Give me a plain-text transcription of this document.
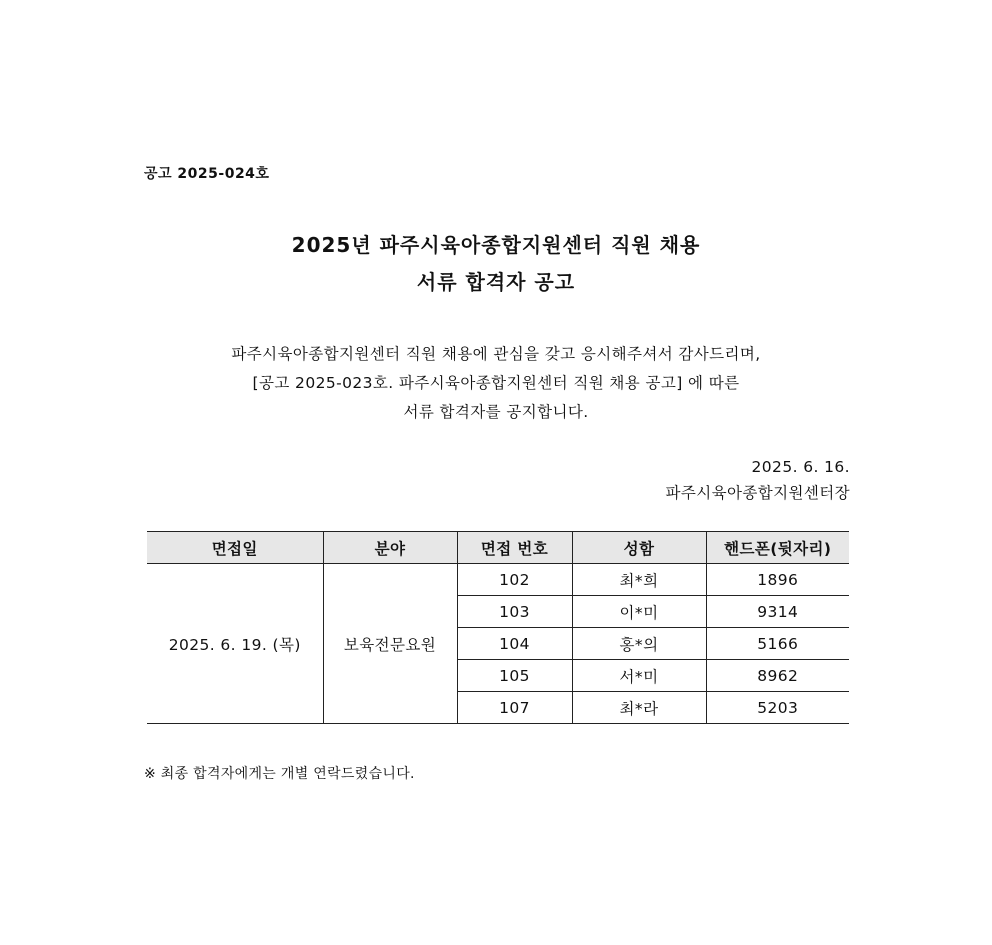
공고 2025-024호
2025년 파주시육아종합지원센터 직원 채용
서류 합격자 공고
파주시육아종합지원센터 직원 채용에 관심을 갖고 응시해주셔서 감사드리며,
[공고 2025-023호. 파주시육아종합지원센터 직원 채용 공고] 에 따른
서류 합격자를 공지합니다.
2025. 6. 16.
파주시육아종합지원센터장
면접일	분야	면접 번호	성함	핸드폰(뒷자리)
2025. 6. 19. (목)	보육전문요원	102	최*희	1896
		103	이*미	9314
		104	홍*의	5166
		105	서*미	8962
		107	최*라	5203
※ 최종 합격자에게는 개별 연락드렸습니다.
